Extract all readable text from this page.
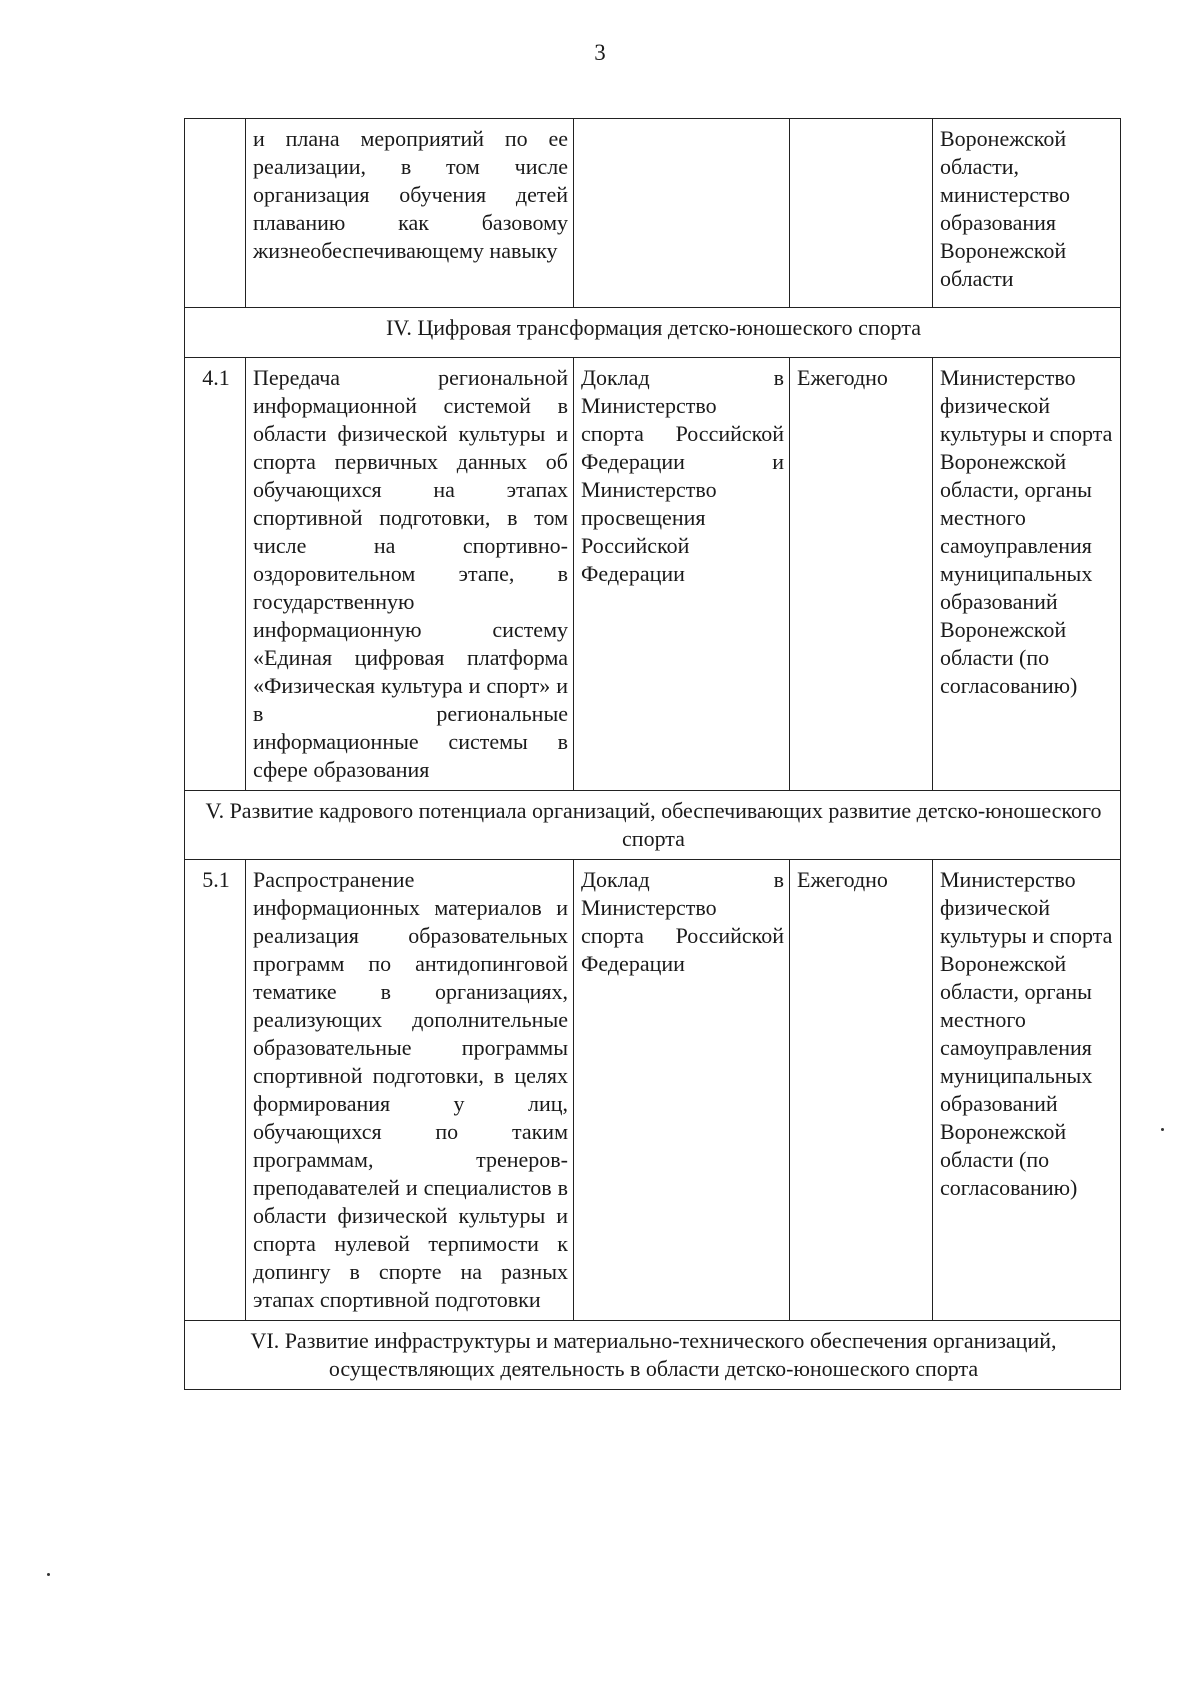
3
	и плана мероприятий по ее реализации, в том числе организация обучения детей плаванию как базовому жизнеобеспечивающему навыку			Воронежской области, министерство образования Воронежской области
IV. Цифровая трансформация детско-юношеского спорта				
4.1	Передача региональной информационной системой в области физической культуры и спорта первичных данных об обучающихся на этапах спортивной подготовки, в том числе на спортивно-оздоровительном этапе, в государственную информационную систему «Единая цифровая платформа «Физическая культура и спорт» и в региональные информационные системы в сфере образования	Доклад в Министерство спорта Российской Федерации и Министерство просвещения Российской Федерации	Ежегодно	Министерство физической культуры и спорта Воронежской области, органы местного самоуправления муниципальных образований Воронежской области (по согласованию)
V. Развитие кадрового потенциала организаций, обеспечивающих развитие детско-юношеского спорта				
5.1	Распространение информационных материалов и реализация образовательных программ по антидопинговой тематике в организациях, реализующих дополнительные образовательные программы спортивной подготовки, в целях формирования у лиц, обучающихся по таким программам, тренеров-преподавателей и специалистов в области физической культуры и спорта нулевой терпимости к допингу в спорте на разных этапах спортивной подготовки	Доклад в Министерство спорта Российской Федерации	Ежегодно	Министерство физической культуры и спорта Воронежской области, органы местного самоуправления муниципальных образований Воронежской области (по согласованию)
VI. Развитие инфраструктуры и материально-технического обеспечения организаций, осуществляющих деятельность в области детско-юношеского спорта				
